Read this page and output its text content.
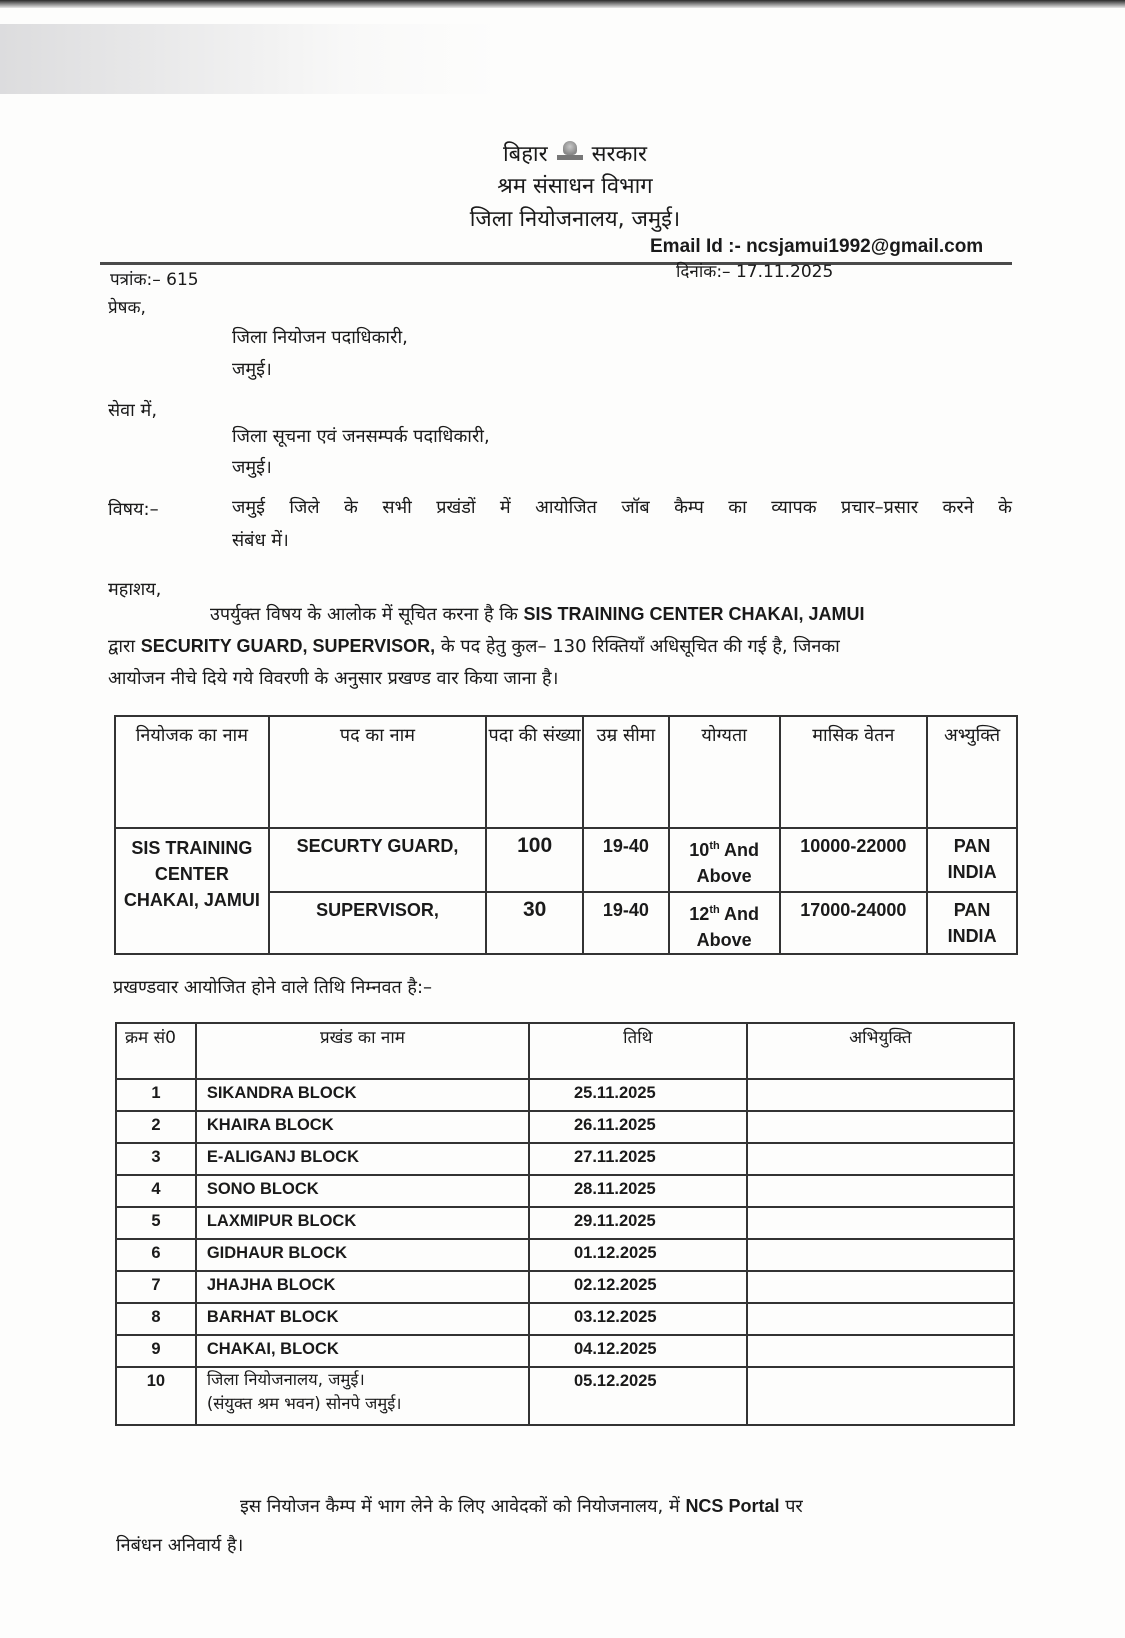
बिहार सरकार
श्रम संसाधन विभाग
जिला नियोजनालय, जमुई।
Email Id :- ncsjamui1992@gmail.com
पत्रांक:– 615	दिनांक:– 17.11.2025
प्रेषक,
जिला नियोजन पदाधिकारी,
जमुई।
सेवा में,
जिला सूचना एवं जनसम्पर्क पदाधिकारी,
जमुई।
विषय:–	जमुई जिले के सभी प्रखंडों में आयोजित जॉब कैम्प का व्यापक प्रचार–प्रसार करने के
संबंध में।
महाशय,
उपर्युक्त विषय के आलोक में सूचित करना है कि SIS TRAINING CENTER CHAKAI, JAMUI
द्वारा SECURITY GUARD, SUPERVISOR, के पद हेतु कुल– 130 रिक्तियाँ अधिसूचित की गई है, जिनका
आयोजन नीचे दिये गये विवरणी के अनुसार प्रखण्ड वार किया जाना है।
नियोजक का नाम	पद का नाम	पदा की संख्या	उम्र सीमा	योग्यता	मासिक वेतन	अभ्युक्ति
SIS TRAINING CENTER CHAKAI, JAMUI	SECURTY GUARD,	100	19-40	10th And Above	10000-22000	PAN INDIA
	SUPERVISOR,	30	19-40	12th And Above	17000-24000	PAN INDIA
प्रखण्डवार आयोजित होने वाले तिथि निम्नवत है:–
क्रम सं0	प्रखंड का नाम	तिथि	अभियुक्ति
1	SIKANDRA BLOCK	25.11.2025	
2	KHAIRA BLOCK	26.11.2025	
3	E-ALIGANJ BLOCK	27.11.2025	
4	SONO BLOCK	28.11.2025	
5	LAXMIPUR BLOCK	29.11.2025	
6	GIDHAUR BLOCK	01.12.2025	
7	JHAJHA BLOCK	02.12.2025	
8	BARHAT BLOCK	03.12.2025	
9	CHAKAI, BLOCK	04.12.2025	
10	जिला नियोजनालय, जमुई।
(संयुक्त श्रम भवन) सोनपे जमुई।	05.12.2025	
इस नियोजन कैम्प में भाग लेने के लिए आवेदकों को नियोजनालय, में NCS Portal पर
निबंधन अनिवार्य है।
